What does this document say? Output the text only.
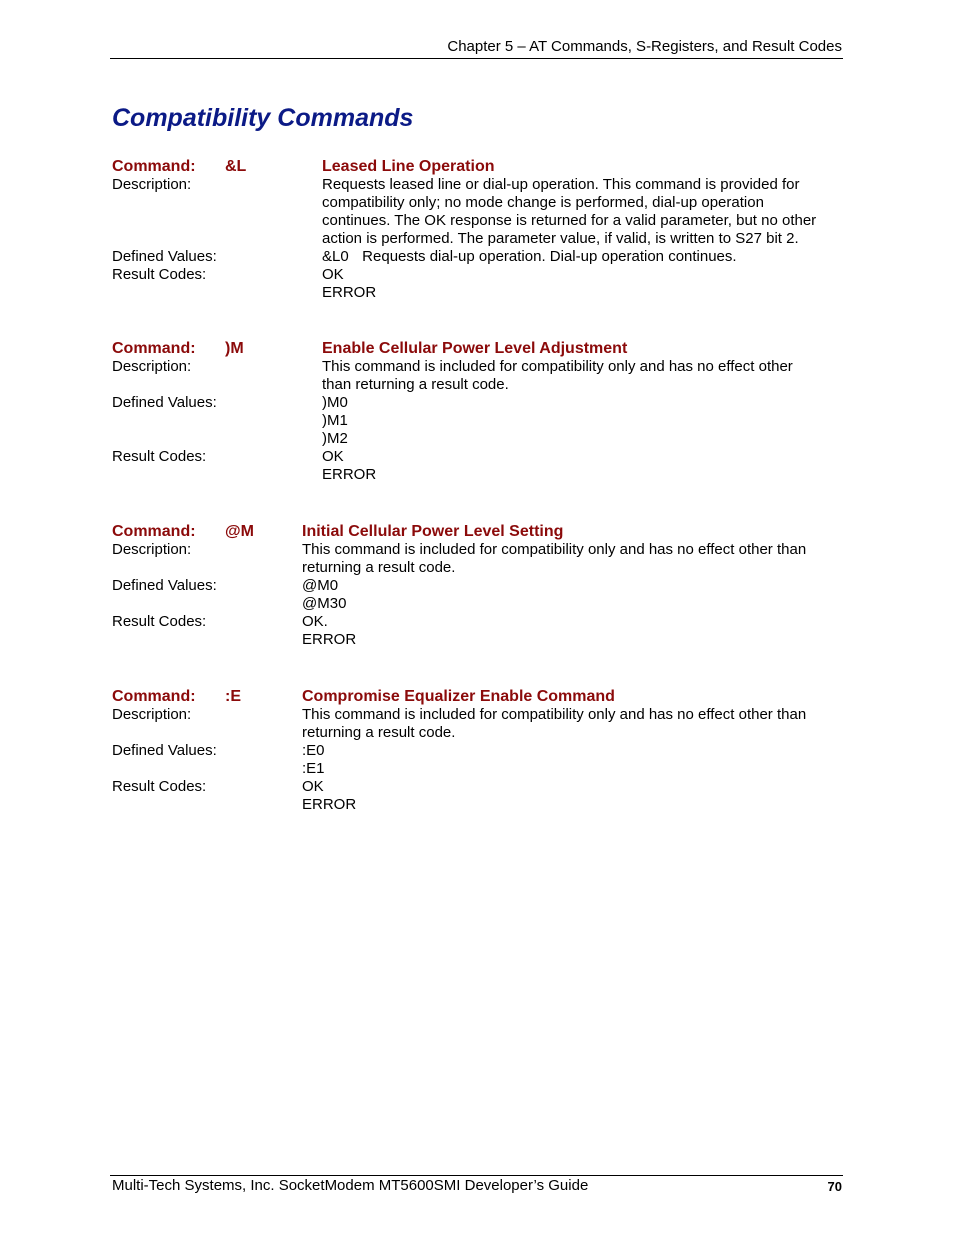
Chapter 5 – AT Commands, S-Registers, and Result Codes
Compatibility Commands
Command: &L	Leased Line Operation
Description:	Requests leased line or dial-up operation. This command is provided for
compatibility only; no mode change is performed, dial-up operation
continues. The OK response is returned for a valid parameter, but no other
action is performed. The parameter value, if valid, is written to S27 bit 2.
Defined Values:	&L0 Requests dial-up operation. Dial-up operation continues.
Result Codes:	OK
ERROR
Command: )M	Enable Cellular Power Level Adjustment
Description:	This command is included for compatibility only and has no effect other
than returning a result code.
Defined Values:	)M0
)M1
)M2
Result Codes:	OK
ERROR
Command: @M	Initial Cellular Power Level Setting
Description:	This command is included for compatibility only and has no effect other than
returning a result code.
Defined Values:	@M0
@M30
Result Codes:	OK.
ERROR
Command: :E	Compromise Equalizer Enable Command
Description:	This command is included for compatibility only and has no effect other than
returning a result code.
Defined Values:	:E0
:E1
Result Codes:	OK
ERROR
Multi-Tech Systems, Inc. SocketModem MT5600SMI Developer’s Guide	70
